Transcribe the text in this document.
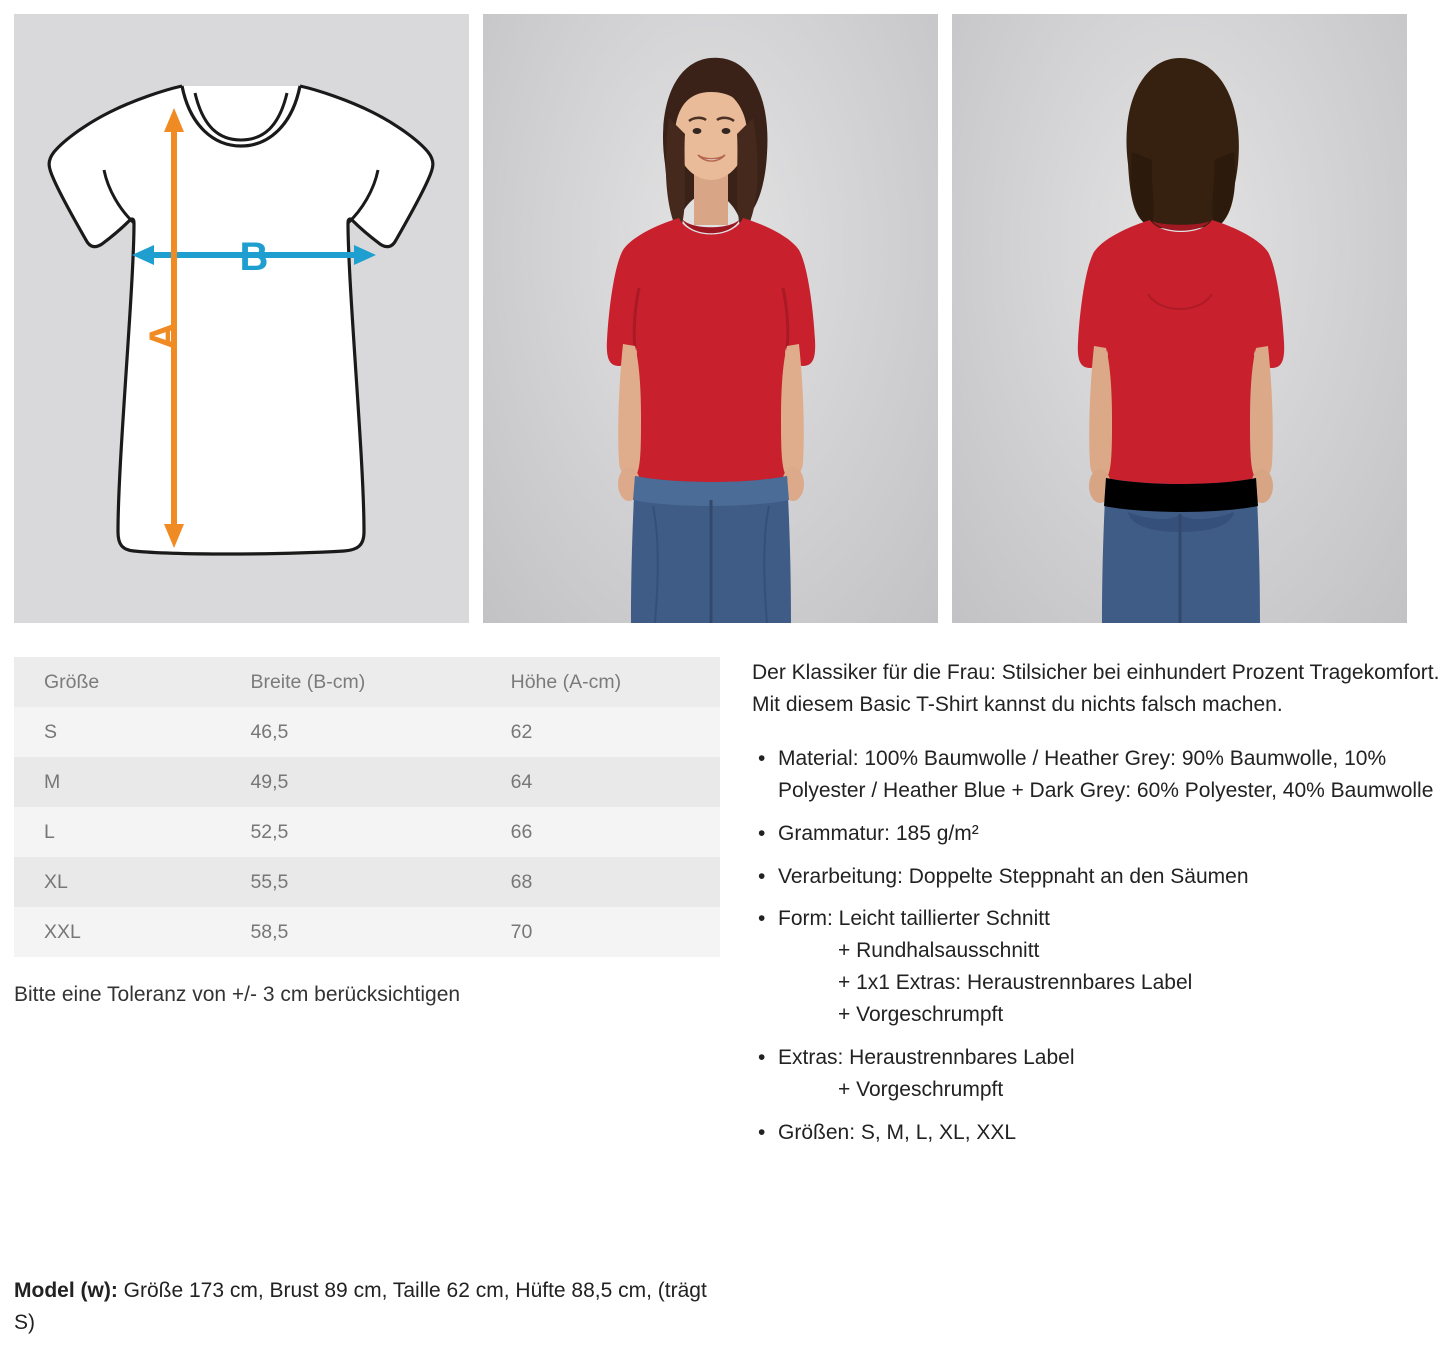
B
A
Größe	Breite (B-cm)	Höhe (A-cm)
S	46,5	62
M	49,5	64
L	52,5	66
XL	55,5	68
XXL	58,5	70
Bitte eine Toleranz von +/- 3 cm berücksichtigen

Der Klassiker für die Frau: Stilsicher bei einhundert Prozent Tragekomfort. Mit diesem Basic T-Shirt kannst du nichts falsch machen.

• Material: 100% Baumwolle / Heather Grey: 90% Baumwolle, 10% Polyester / Heather Blue + Dark Grey: 60% Polyester, 40% Baumwolle
• Grammatur: 185 g/m²
• Verarbeitung: Doppelte Steppnaht an den Säumen
• Form: Leicht taillierter Schnitt
+ Rundhalsausschnitt
+ 1x1 Extras: Heraustrennbares Label
+ Vorgeschrumpft
• Extras: Heraustrennbares Label
+ Vorgeschrumpft
• Größen: S, M, L, XL, XXL
Model (w): Größe 173 cm, Brust 89 cm, Taille 62 cm, Hüfte 88,5 cm, (trägt S)
